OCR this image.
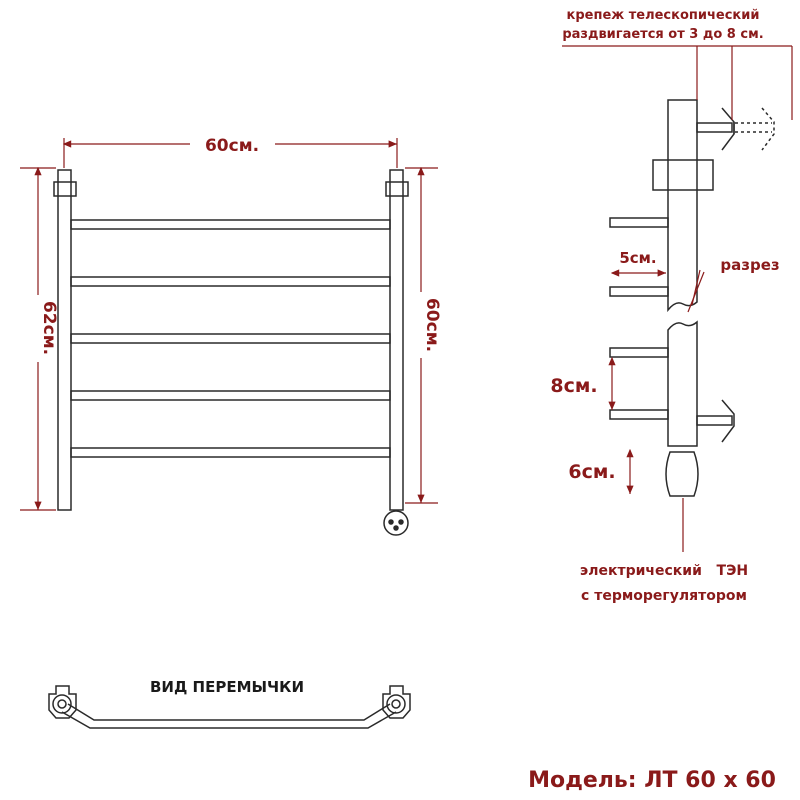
60см.
62см.	60см.
крепеж телескопический
раздвигается от 3 до 8 см.
5см.	разрез
8см.
6см.
электрический   ТЭН
с терморегулятором
ВИД ПЕРЕМЫЧКИ
Модель: ЛТ 60 х 60
